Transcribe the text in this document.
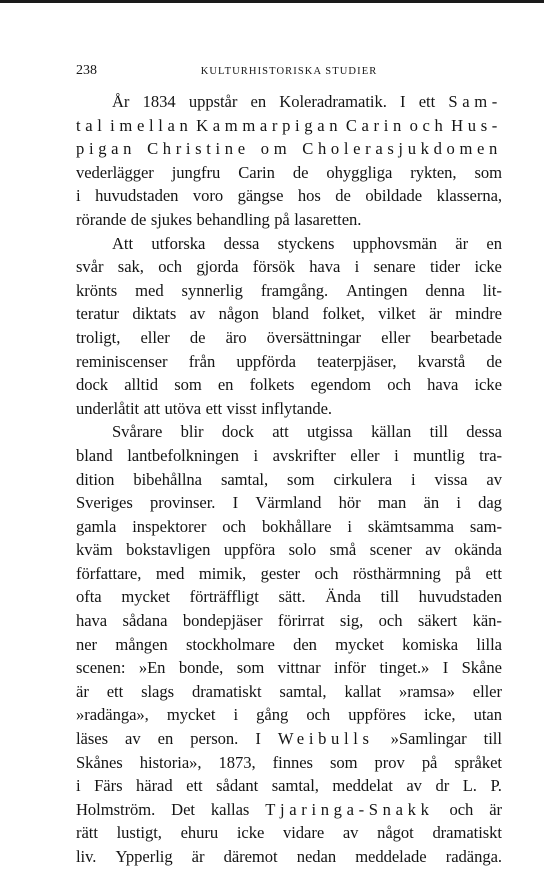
238	KULTURHISTORISKA STUDIER
År 1834 uppstår en Koleradramatik. I ett Sam-
tal imellan Kammarpigan Carin och Hus-
pigan Christine om Cholerasjukdomen
vederlägger jungfru Carin de ohyggliga rykten, som
i huvudstaden voro gängse hos de obildade klasserna,
rörande de sjukes behandling på lasaretten.
Att utforska dessa styckens upphovsmän är en
svår sak, och gjorda försök hava i senare tider icke
krönts med synnerlig framgång. Antingen denna lit-
teratur diktats av någon bland folket, vilket är mindre
troligt, eller de äro översättningar eller bearbetade
reminiscenser från uppförda teaterpjäser, kvarstå de
dock alltid som en folkets egendom och hava icke
underlåtit att utöva ett visst inflytande.
Svårare blir dock att utgissa källan till dessa
bland lantbefolkningen i avskrifter eller i muntlig tra-
dition bibehållna samtal, som cirkulera i vissa av
Sveriges provinser. I Värmland hör man än i dag
gamla inspektorer och bokhållare i skämtsamma sam-
kväm bokstavligen uppföra solo små scener av okända
författare, med mimik, gester och rösthärmning på ett
ofta mycket förträffligt sätt. Ända till huvudstaden
hava sådana bondepjäser förirrat sig, och säkert kän-
ner mången stockholmare den mycket komiska lilla
scenen: »En bonde, som vittnar inför tinget.» I Skåne
är ett slags dramatiskt samtal, kallat »ramsa» eller
»radänga», mycket i gång och uppföres icke, utan
läses av en person. I Weibulls »Samlingar till
Skånes historia», 1873, finnes som prov på språket
i Färs härad ett sådant samtal, meddelat av dr L. P.
Holmström. Det kallas Tjaringa-Snakk och är
rätt lustigt, ehuru icke vidare av något dramatiskt
liv. Ypperlig är däremot nedan meddelade radänga.
